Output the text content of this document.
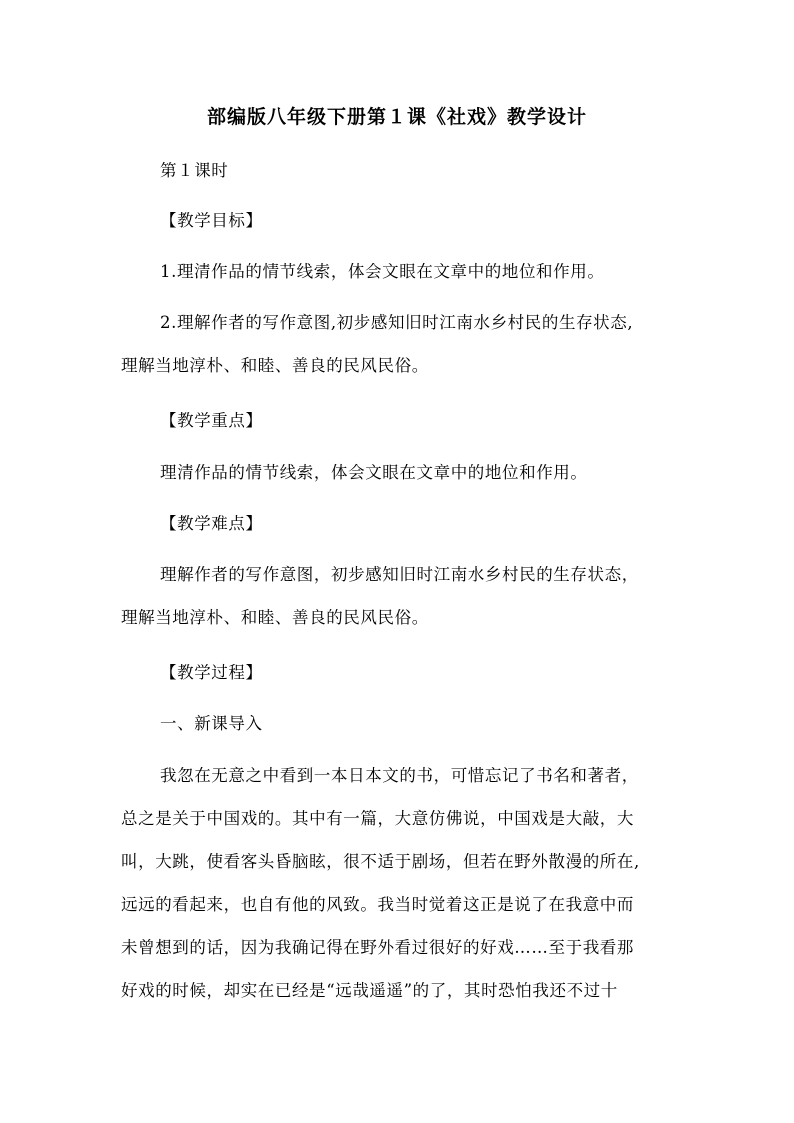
部编版八年级下册第１课《社戏》教学设计
第１课时
【教学目标】
1.理清作品的情节线索，体会文眼在文章中的地位和作用。
2.理解作者的写作意图,初步感知旧时江南水乡村民的生存状态,
理解当地淳朴、和睦、善良的民风民俗。
【教学重点】
理清作品的情节线索，体会文眼在文章中的地位和作用。
【教学难点】
理解作者的写作意图，初步感知旧时江南水乡村民的生存状态，
理解当地淳朴、和睦、善良的民风民俗。
【教学过程】
一、新课导入
我忽在无意之中看到一本日本文的书，可惜忘记了书名和著者，
总之是关于中国戏的。其中有一篇，大意仿佛说，中国戏是大敲，大
叫，大跳，使看客头昏脑眩，很不适于剧场，但若在野外散漫的所在,
远远的看起来，也自有他的风致。我当时觉着这正是说了在我意中而
未曾想到的话，因为我确记得在野外看过很好的好戏……至于我看那
好戏的时候，却实在已经是“远哉遥遥”的了，其时恐怕我还不过十
